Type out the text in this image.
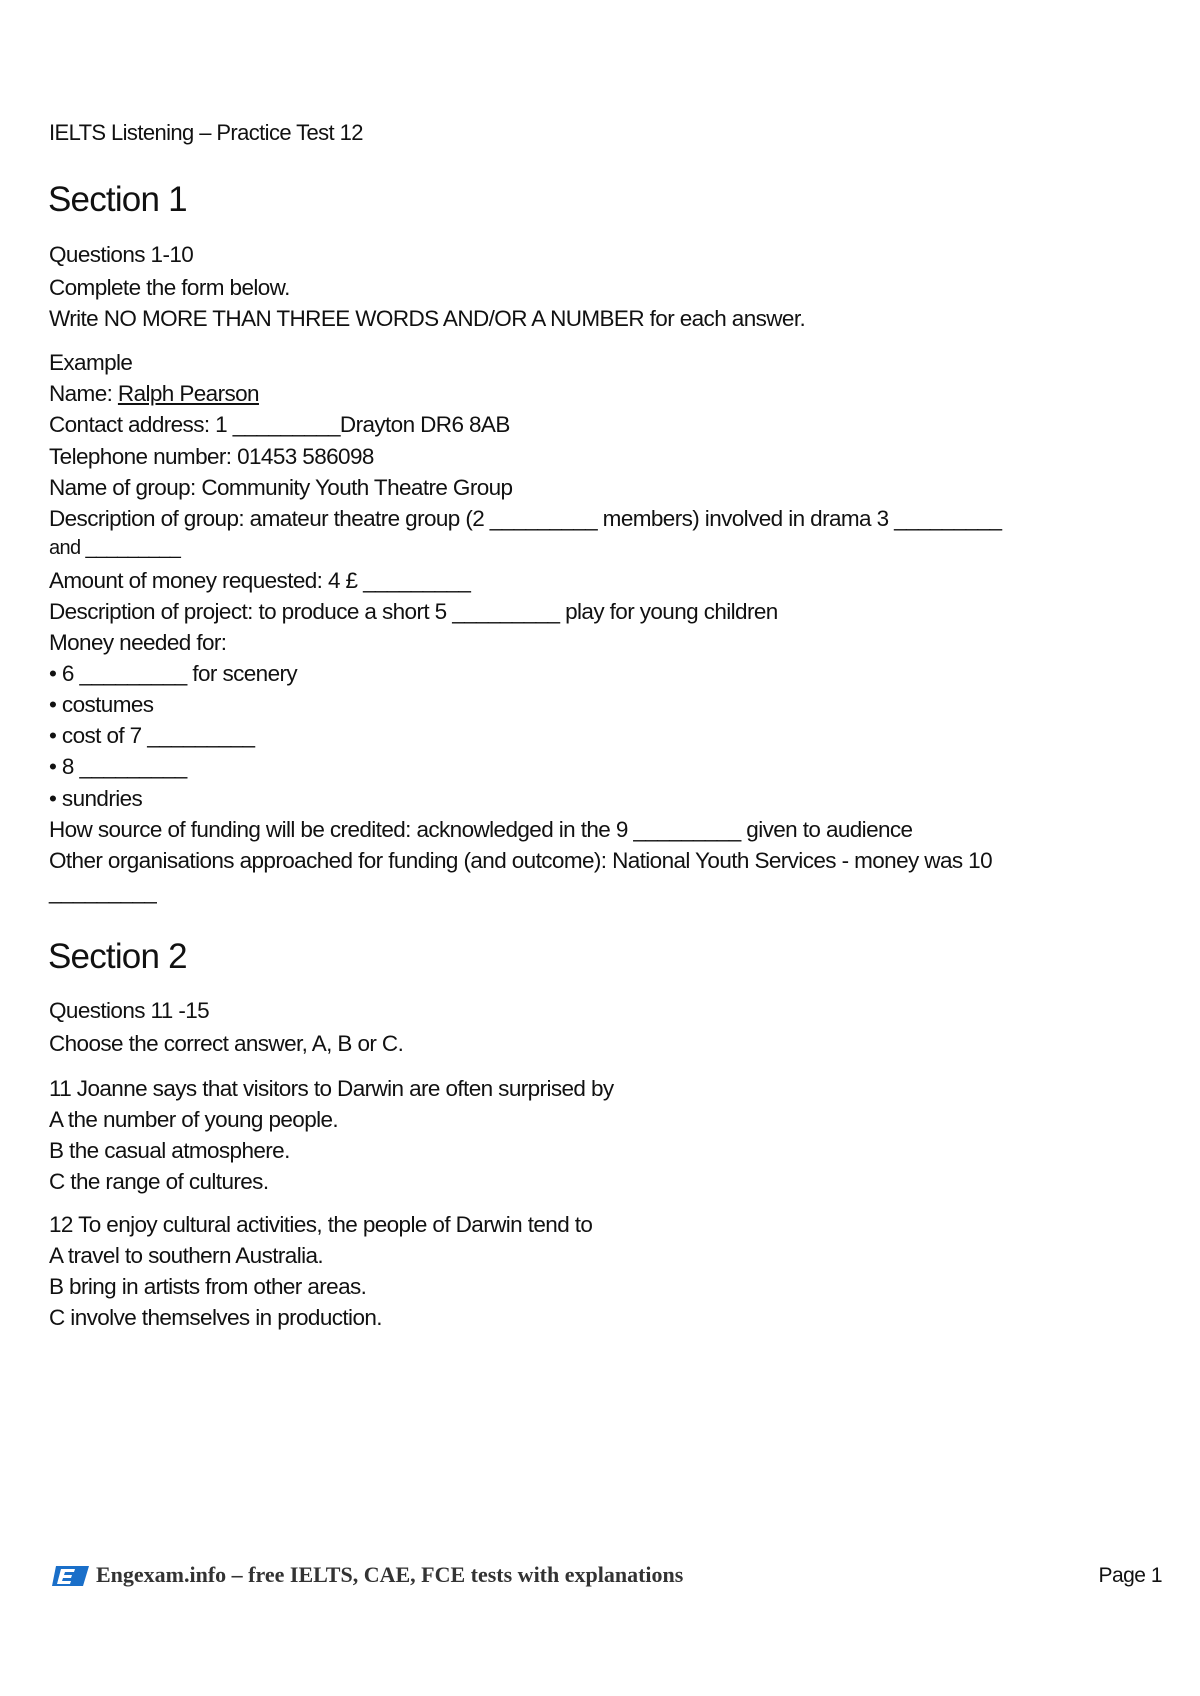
IELTS Listening – Practice Test 12
Section 1
Questions 1-10
Complete the form below.
Write NO MORE THAN THREE WORDS AND/OR A NUMBER for each answer.
Example
Name: Ralph Pearson
Contact address: 1 _________Drayton DR6 8AB
Telephone number: 01453 586098
Name of group: Community Youth Theatre Group
Description of group: amateur theatre group (2 _________ members) involved in drama 3 _________
and _________
Amount of money requested: 4 £ _________
Description of project: to produce a short 5 _________ play for young children
Money needed for:
• 6 _________ for scenery
• costumes
• cost of 7 _________
• 8 _________
• sundries
How source of funding will be credited: acknowledged in the 9 _________ given to audience
Other organisations approached for funding (and outcome): National Youth Services - money was 10
_________
Section 2
Questions 11 -15
Choose the correct answer, A, B or C.
11 Joanne says that visitors to Darwin are often surprised by
A the number of young people.
B the casual atmosphere.
C the range of cultures.
12 To enjoy cultural activities, the people of Darwin tend to
A travel to southern Australia.
B bring in artists from other areas.
C involve themselves in production.
Engexam.info – free IELTS, CAE, FCE tests with explanations	Page 1
